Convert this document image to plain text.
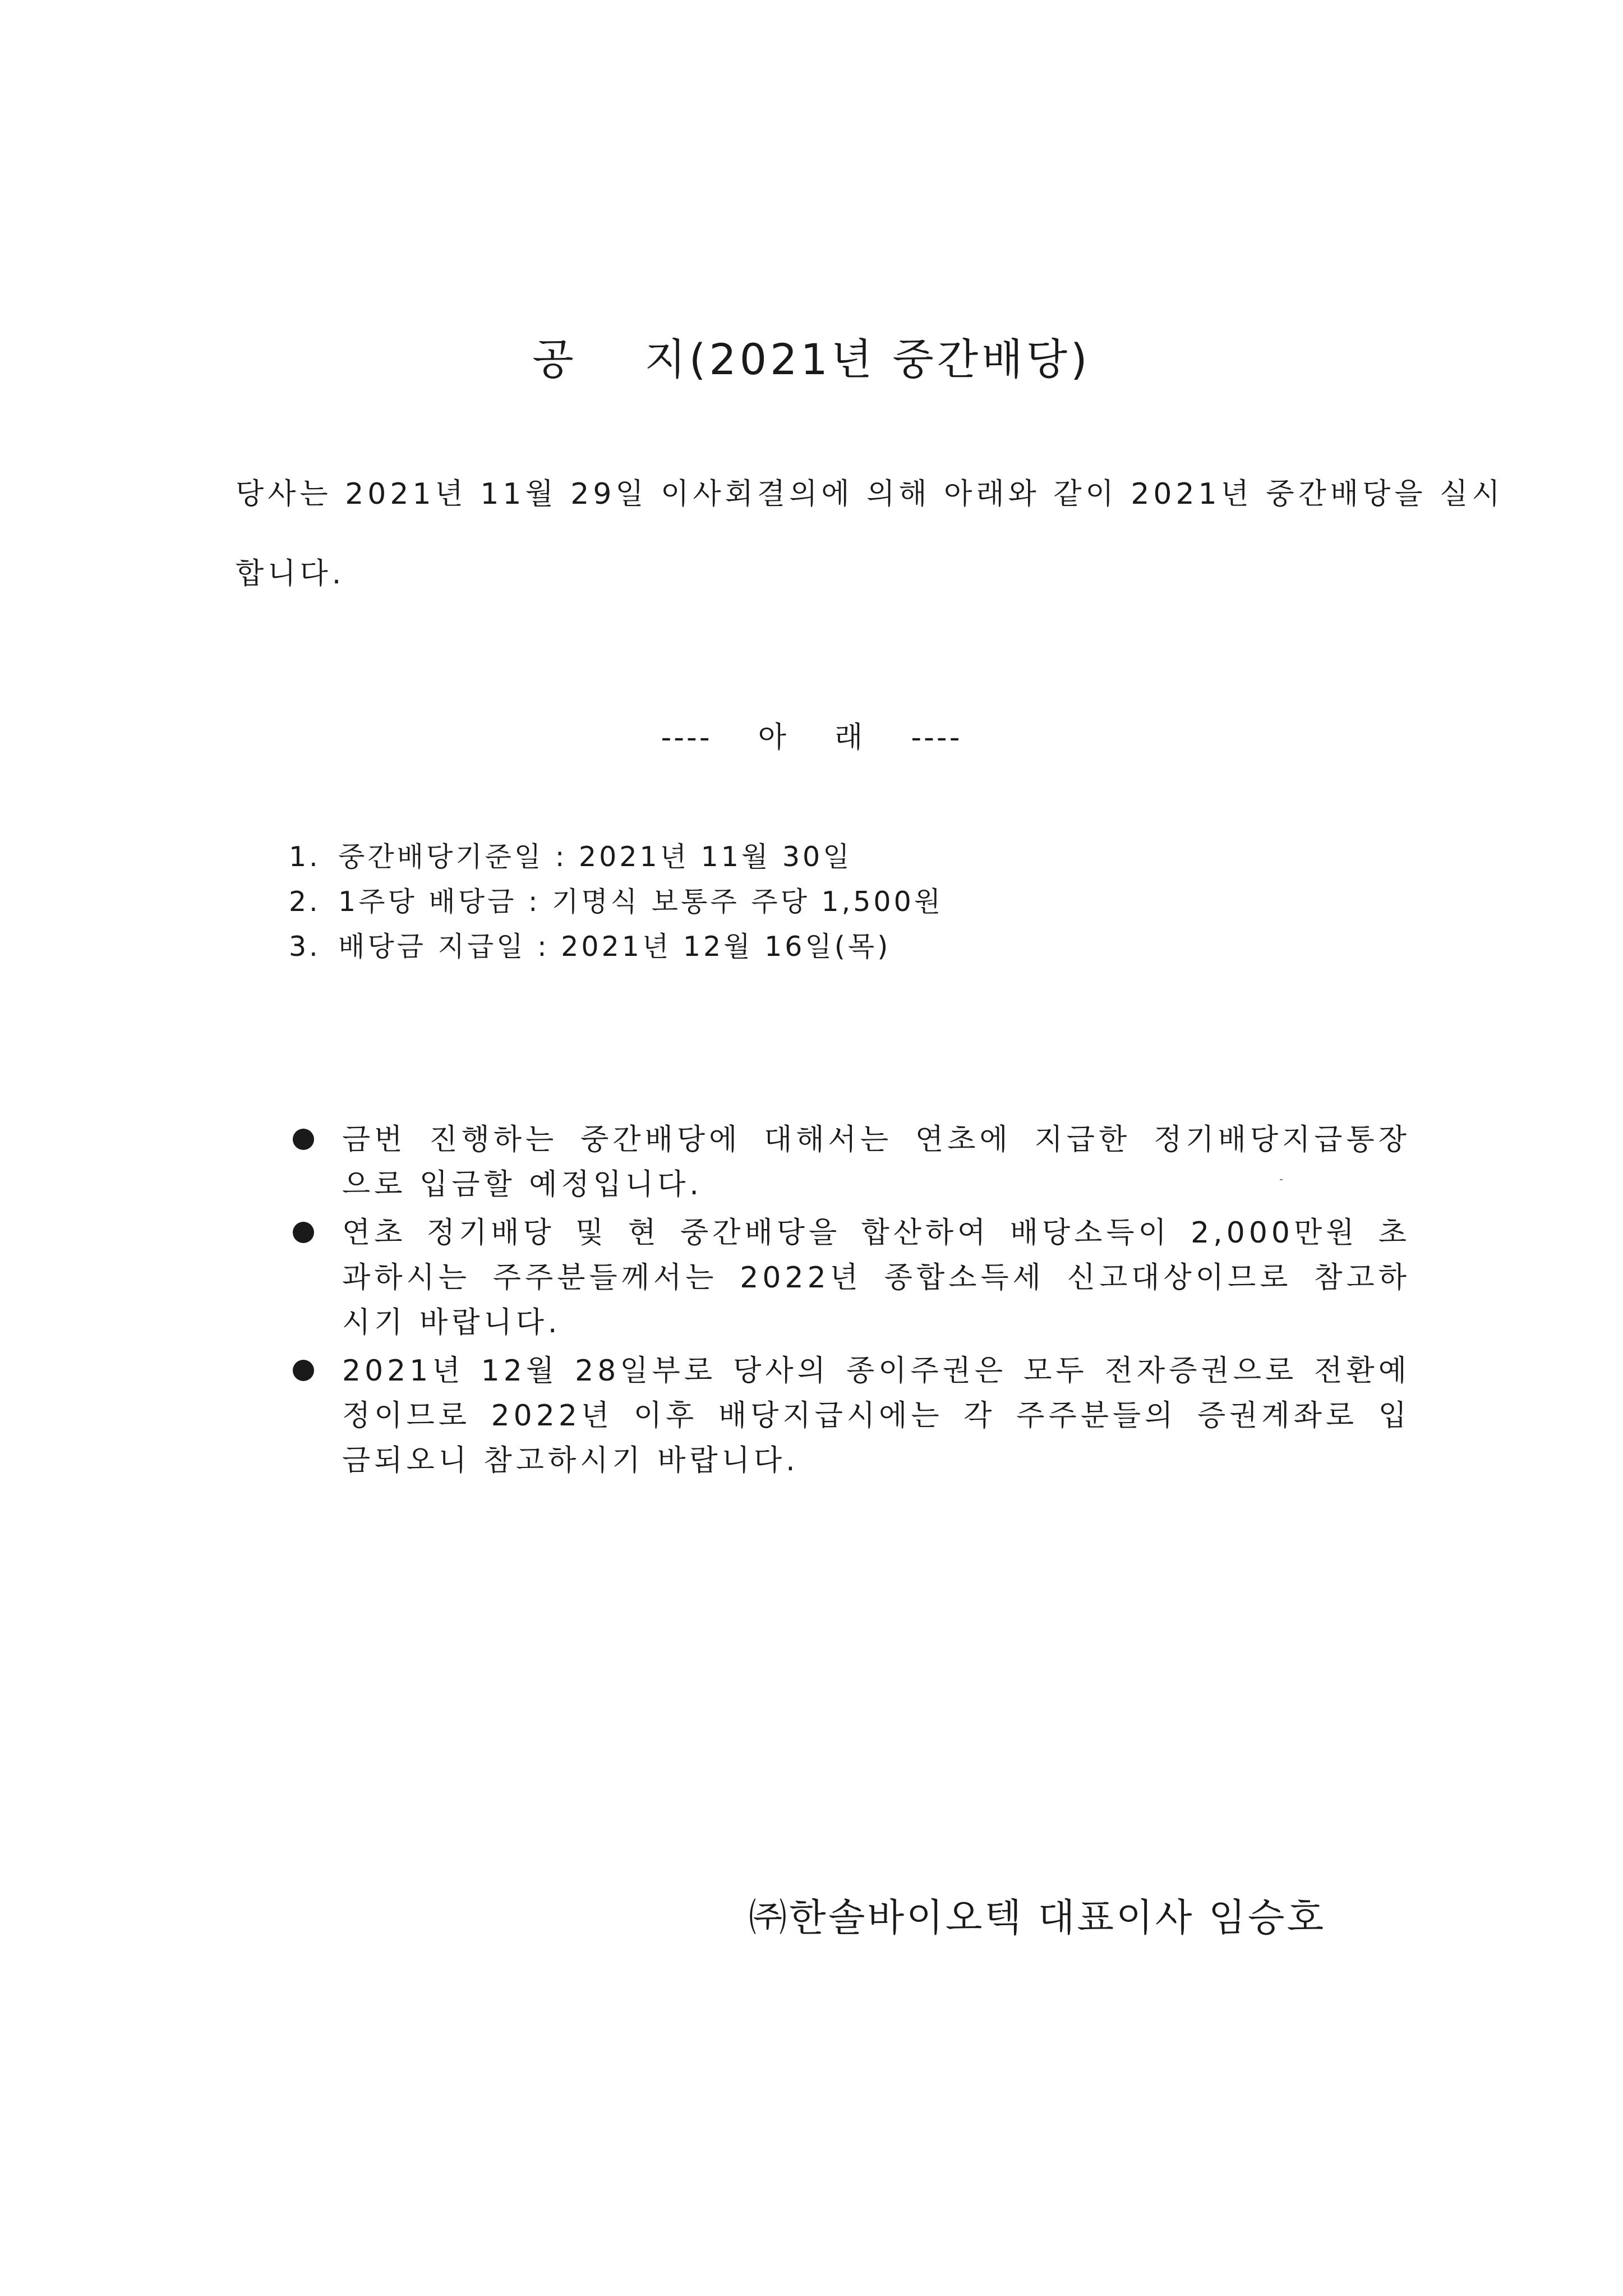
공    지(2021년 중간배당)
당사는 2021년 11월 29일 이사회결의에 의해 아래와 같이 2021년 중간배당을 실시
합니다.
----    아    래    ----
1. 중간배당기준일 : 2021년 11월 30일
2. 1주당 배당금 : 기명식 보통주 주당 1,500원
3. 배당금 지급일 : 2021년 12월 16일(목)
금번 진행하는 중간배당에 대해서는 연초에 지급한 정기배당지급통장
으로 입금할 예정입니다.
연초 정기배당 및 현 중간배당을 합산하여 배당소득이 2,000만원 초
과하시는 주주분들께서는 2022년 종합소득세 신고대상이므로 참고하
시기 바랍니다.
2021년 12월 28일부로 당사의 종이주권은 모두 전자증권으로 전환예
정이므로 2022년 이후 배당지급시에는 각 주주분들의 증권계좌로 입
금되오니 참고하시기 바랍니다.
㈜한솔바이오텍 대표이사 임승호
